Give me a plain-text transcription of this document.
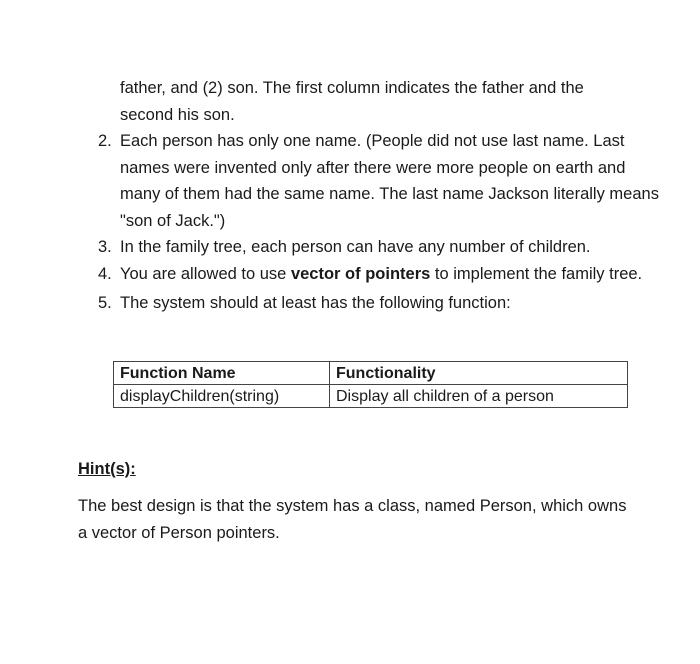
father, and (2) son. The first column indicates the father and the second his son.
2. Each person has only one name. (People did not use last name. Last names were invented only after there were more people on earth and many of them had the same name. The last name Jackson literally means "son of Jack.")
3. In the family tree, each person can have any number of children.
4. You are allowed to use vector of pointers to implement the family tree.
5. The system should at least has the following function:
Function Name	Functionality
displayChildren(string)	Display all children of a person
Hint(s):
The best design is that the system has a class, named Person, which owns a vector of Person pointers.
